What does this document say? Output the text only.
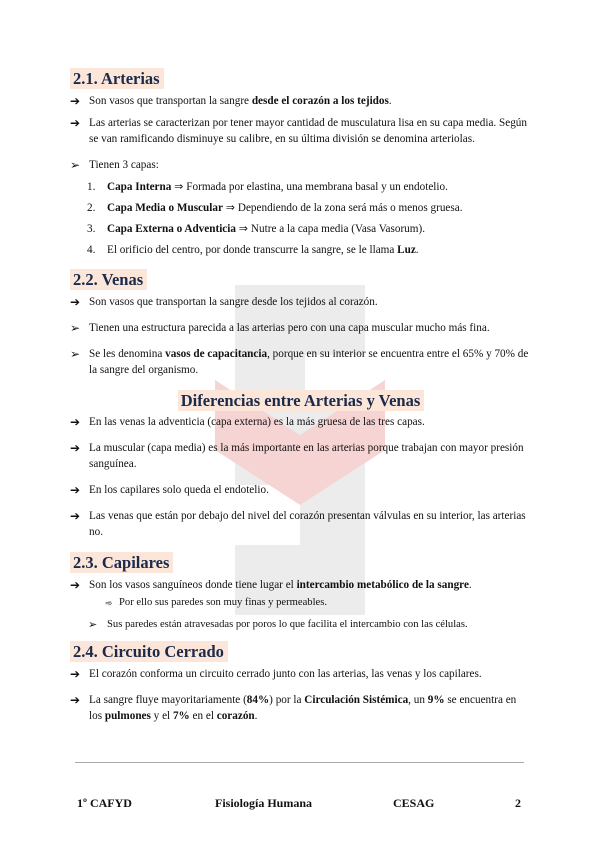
2.1. Arterias
➔ Son vasos que transportan la sangre desde el corazón a los tejidos.
➔ Las arterias se caracterizan por tener mayor cantidad de musculatura lisa en su capa media. Según se van ramificando disminuye su calibre, en su última división se denomina arteriolas.
➢ Tienen 3 capas:
1.	Capa Interna ⇒ Formada por elastina, una membrana basal y un endotelio.
2.	Capa Media o Muscular ⇒ Dependiendo de la zona será más o menos gruesa.
3.	Capa Externa o Adventicia ⇒ Nutre a la capa media (Vasa Vasorum).
4.	El orificio del centro, por donde transcurre la sangre, se le llama Luz.
2.2. Venas
➔ Son vasos que transportan la sangre desde los tejidos al corazón.
➢ Tienen una estructura parecida a las arterias pero con una capa muscular mucho más fina.
➢ Se les denomina vasos de capacitancia, porque en su interior se encuentra entre el 65% y 70% de la sangre del organismo.
Diferencias entre Arterias y Venas
➔ En las venas la adventicia (capa externa) es la más gruesa de las tres capas.
➔ La muscular (capa media) es la más importante en las arterias porque trabajan con mayor presión sanguínea.
➔ En los capilares solo queda el endotelio.
➔ Las venas que están por debajo del nivel del corazón presentan válvulas en su interior, las arterias no.
2.3. Capilares
➔ Son los vasos sanguíneos donde tiene lugar el intercambio metabólico de la sangre.
➾ Por ello sus paredes son muy finas y permeables.
➢ Sus paredes están atravesadas por poros lo que facilita el intercambio con las células.
2.4. Circuito Cerrado
➔ El corazón conforma un circuito cerrado junto con las arterias, las venas y los capilares.
➔ La sangre fluye mayoritariamente (84%) por la Circulación Sistémica, un 9% se encuentra en los pulmones y el 7% en el corazón.
1º CAFYD	Fisiología Humana	CESAG	2
